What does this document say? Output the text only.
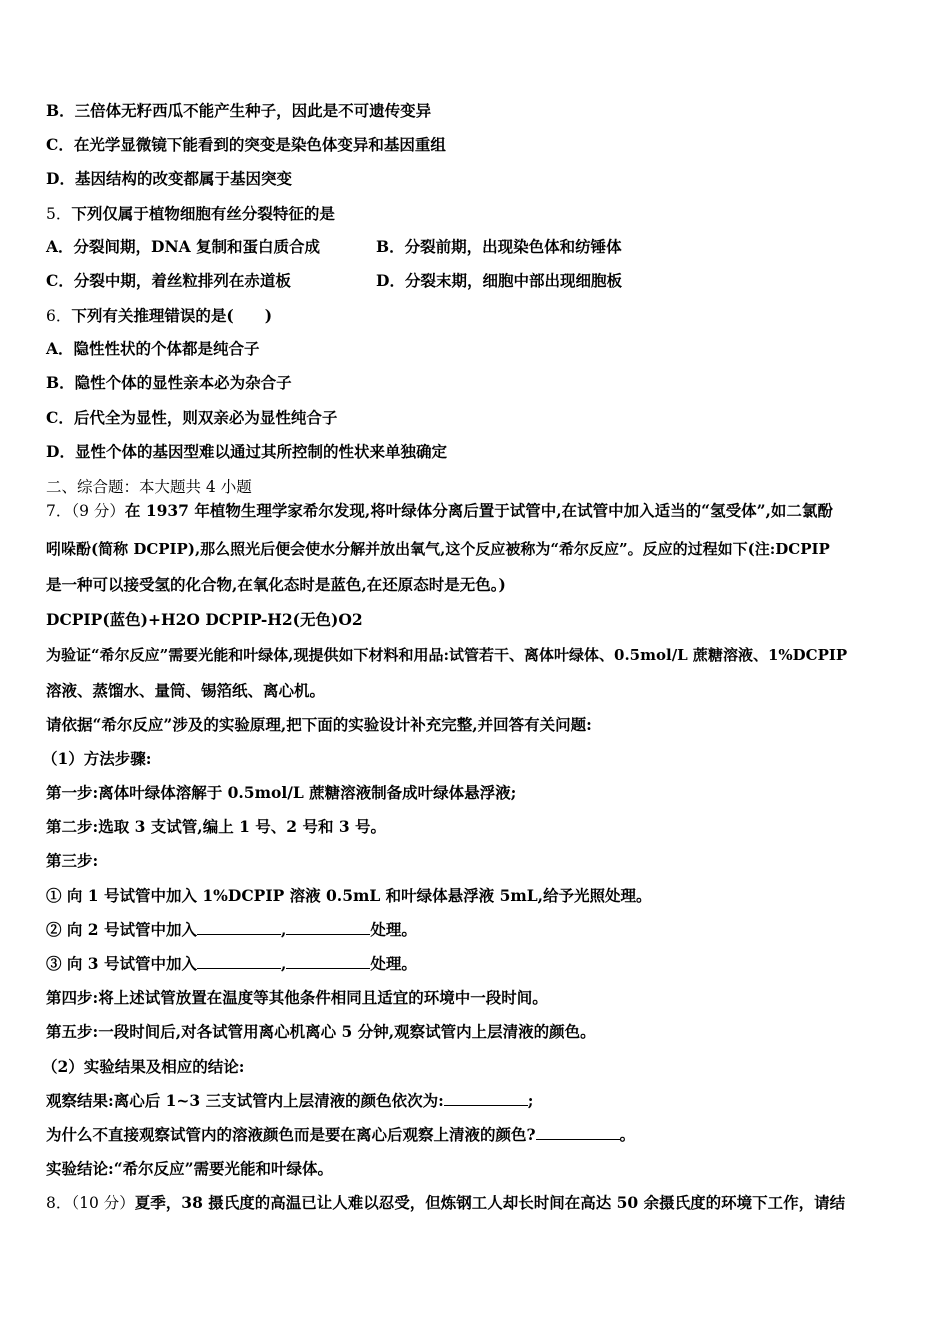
B．三倍体无籽西瓜不能产生种子，因此是不可遗传变异
C．在光学显微镜下能看到的突变是染色体变异和基因重组
D．基因结构的改变都属于基因突变
5．下列仅属于植物细胞有丝分裂特征的是
A．分裂间期，DNA 复制和蛋白质合成	B．分裂前期，出现染色体和纺锤体
C．分裂中期，着丝粒排列在赤道板	D．分裂末期，细胞中部出现细胞板
6．下列有关推理错误的是(　　)
A．隐性性状的个体都是纯合子
B．隐性个体的显性亲本必为杂合子
C．后代全为显性，则双亲必为显性纯合子
D．显性个体的基因型难以通过其所控制的性状来单独确定
二、综合题：本大题共 4 小题
7．（9 分）在 1937 年植物生理学家希尔发现,将叶绿体分离后置于试管中,在试管中加入适当的“氢受体”,如二氯酚
吲哚酚(简称 DCPIP),那么照光后便会使水分解并放出氧气,这个反应被称为“希尔反应”。反应的过程如下(注:DCPIP
是一种可以接受氢的化合物,在氧化态时是蓝色,在还原态时是无色。)
DCPIP(蓝色)+H2O DCPIP-H2(无色)O2
为验证“希尔反应”需要光能和叶绿体,现提供如下材料和用品:试管若干、离体叶绿体、0.5mol/L 蔗糖溶液、1%DCPIP
溶液、蒸馏水、量筒、锡箔纸、离心机。
请依据“希尔反应”涉及的实验原理,把下面的实验设计补充完整,并回答有关问题:
（1）方法步骤:
第一步:离体叶绿体溶解于 0.5mol/L 蔗糖溶液制备成叶绿体悬浮液;
第二步:选取 3 支试管,编上 1 号、2 号和 3 号。
第三步:
① 向 1 号试管中加入 1%DCPIP 溶液 0.5mL 和叶绿体悬浮液 5mL,给予光照处理。
② 向 2 号试管中加入	,	处理。
③ 向 3 号试管中加入	,	处理。
第四步:将上述试管放置在温度等其他条件相同且适宜的环境中一段时间。
第五步:一段时间后,对各试管用离心机离心 5 分钟,观察试管内上层清液的颜色。
（2）实验结果及相应的结论:
观察结果:离心后 1~3 三支试管内上层清液的颜色依次为:	;
为什么不直接观察试管内的溶液颜色而是要在离心后观察上清液的颜色?	。
实验结论:“希尔反应”需要光能和叶绿体。
8．（10 分）夏季，38 摄氏度的高温已让人难以忍受，但炼钢工人却长时间在高达 50 余摄氏度的环境下工作，请结
